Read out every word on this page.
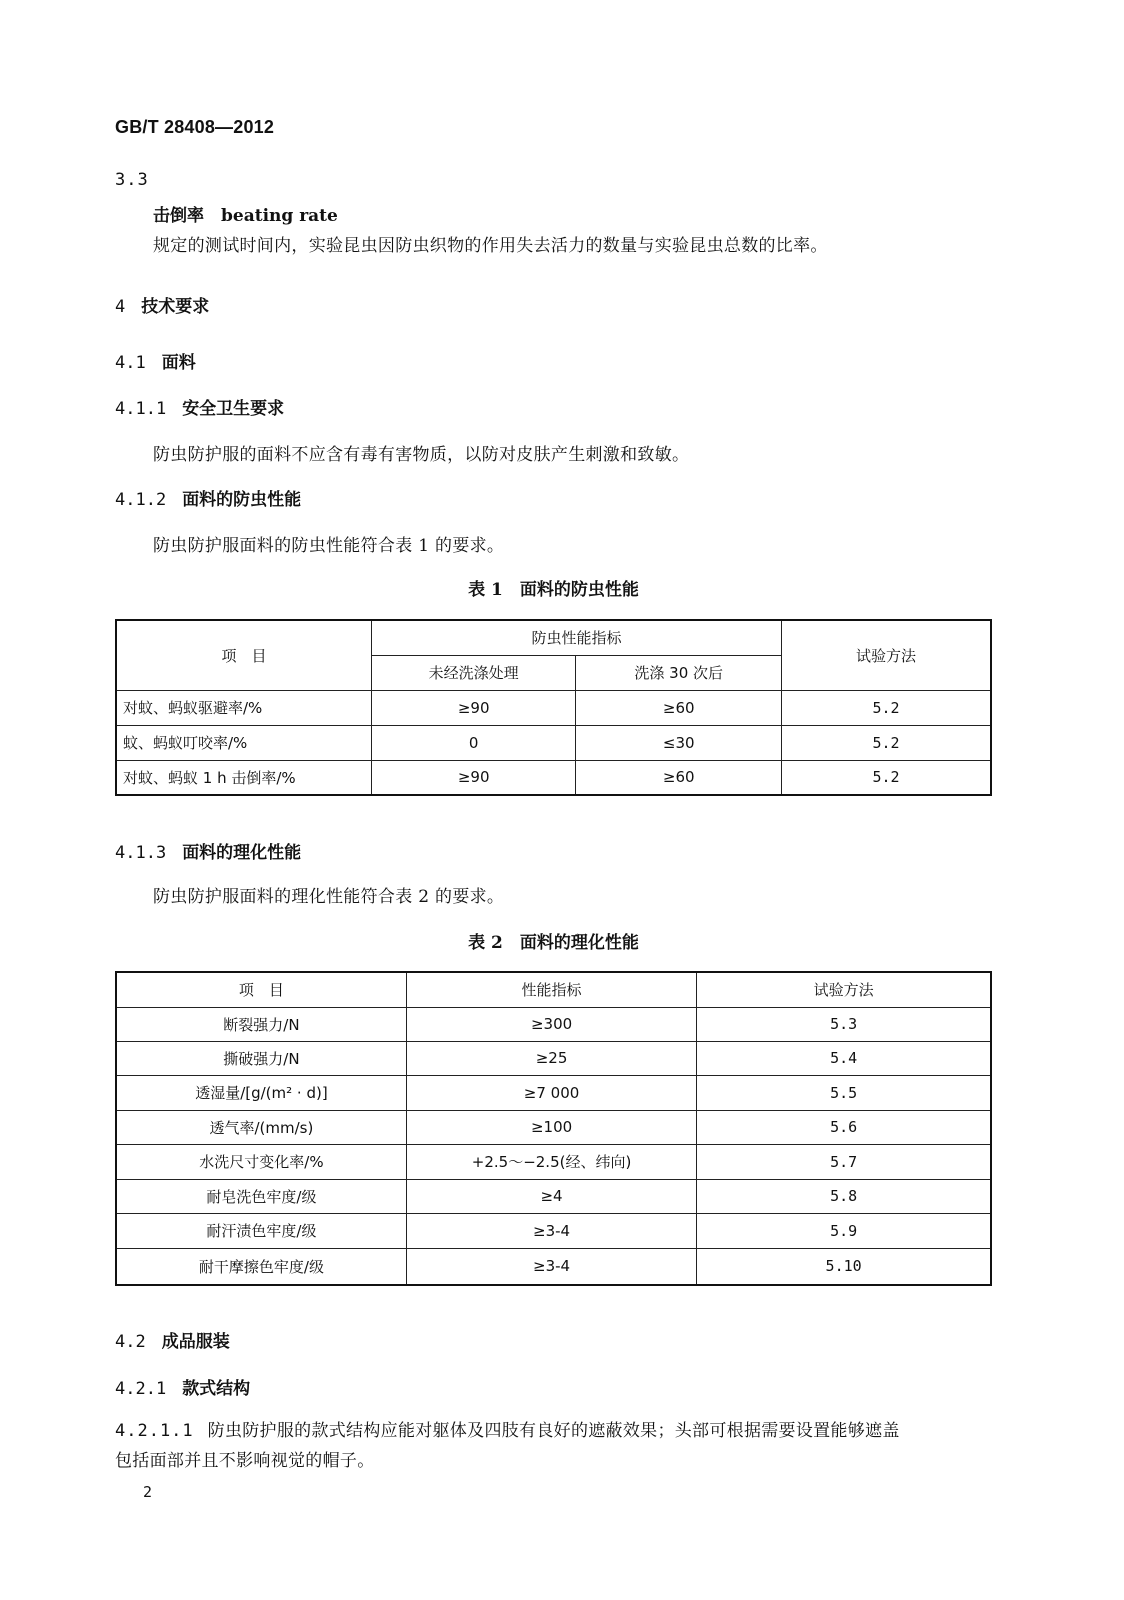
GB/T 28408—2012
3.3
击倒率　beating rate
规定的测试时间内，实验昆虫因防虫织物的作用失去活力的数量与实验昆虫总数的比率。
4 技术要求
4.1 面料
4.1.1 安全卫生要求
防虫防护服的面料不应含有毒有害物质，以防对皮肤产生刺激和致敏。
4.1.2 面料的防虫性能
防虫防护服面料的防虫性能符合表 1 的要求。
表 1　面料的防虫性能
项　目	防虫性能指标		试验方法
	未经洗涤处理	洗涤 30 次后	
对蚊、蚂蚁驱避率/%	≥90	≥60	5.2
蚊、蚂蚁叮咬率/%	0	≤30	5.2
对蚊、蚂蚁 1 h 击倒率/%	≥90	≥60	5.2
4.1.3 面料的理化性能
防虫防护服面料的理化性能符合表 2 的要求。
表 2　面料的理化性能
项　目	性能指标	试验方法
断裂强力/N	≥300	5.3
撕破强力/N	≥25	5.4
透湿量/[g/(m² · d)]	≥7 000	5.5
透气率/(mm/s)	≥100	5.6
水洗尺寸变化率/%	+2.5～−2.5(经、纬向)	5.7
耐皂洗色牢度/级	≥4	5.8
耐汗渍色牢度/级	≥3-4	5.9
耐干摩擦色牢度/级	≥3-4	5.10
4.2 成品服装
4.2.1 款式结构
4.2.1.1 防虫防护服的款式结构应能对躯体及四肢有良好的遮蔽效果；头部可根据需要设置能够遮盖
包括面部并且不影响视觉的帽子。
2
